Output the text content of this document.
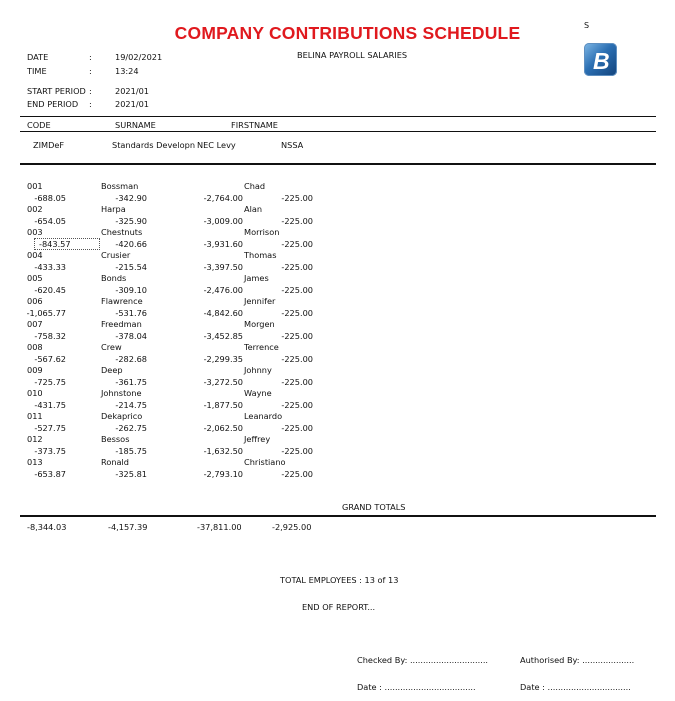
COMPANY CONTRIBUTIONS SCHEDULE	S
B
BELINA PAYROLL SALARIES
DATE	:	19/02/2021
TIME	:	13:24
START PERIOD :	2021/01
END PERIOD :	2021/01
CODE	SURNAME	FIRSTNAME
ZIMDeF	Standards Developn NEC Levy	NSSA
001	Bossman	Chad
-688.05	-342.90	-2,764.00	-225.00
002	Harpa	Alan
-654.05	-325.90	-3,009.00	-225.00
003	Chestnuts	Morrison
-843.57	-420.66	-3,931.60	-225.00
004	Crusier	Thomas
-433.33	-215.54	-3,397.50	-225.00
005	Bonds	James
-620.45	-309.10	-2,476.00	-225.00
006	Flawrence	Jennifer
-1,065.77	-531.76	-4,842.60	-225.00
007	Freedman	Morgen
-758.32	-378.04	-3,452.85	-225.00
008	Crew	Terrence
-567.62	-282.68	-2,299.35	-225.00
009	Deep	Johnny
-725.75	-361.75	-3,272.50	-225.00
010	Johnstone	Wayne
-431.75	-214.75	-1,877.50	-225.00
011	Dekaprico	Leanardo
-527.75	-262.75	-2,062.50	-225.00
012	Bessos	Jeffrey
-373.75	-185.75	-1,632.50	-225.00
013	Ronald	Christiano
-653.87	-325.81	-2,793.10	-225.00
GRAND TOTALS
-8,344.03	-4,157.39	-37,811.00	-2,925.00
TOTAL EMPLOYEES : 13 of 13
END OF REPORT...
Checked By: ..............................	Authorised By: ....................
Date : ...................................	Date : ................................
